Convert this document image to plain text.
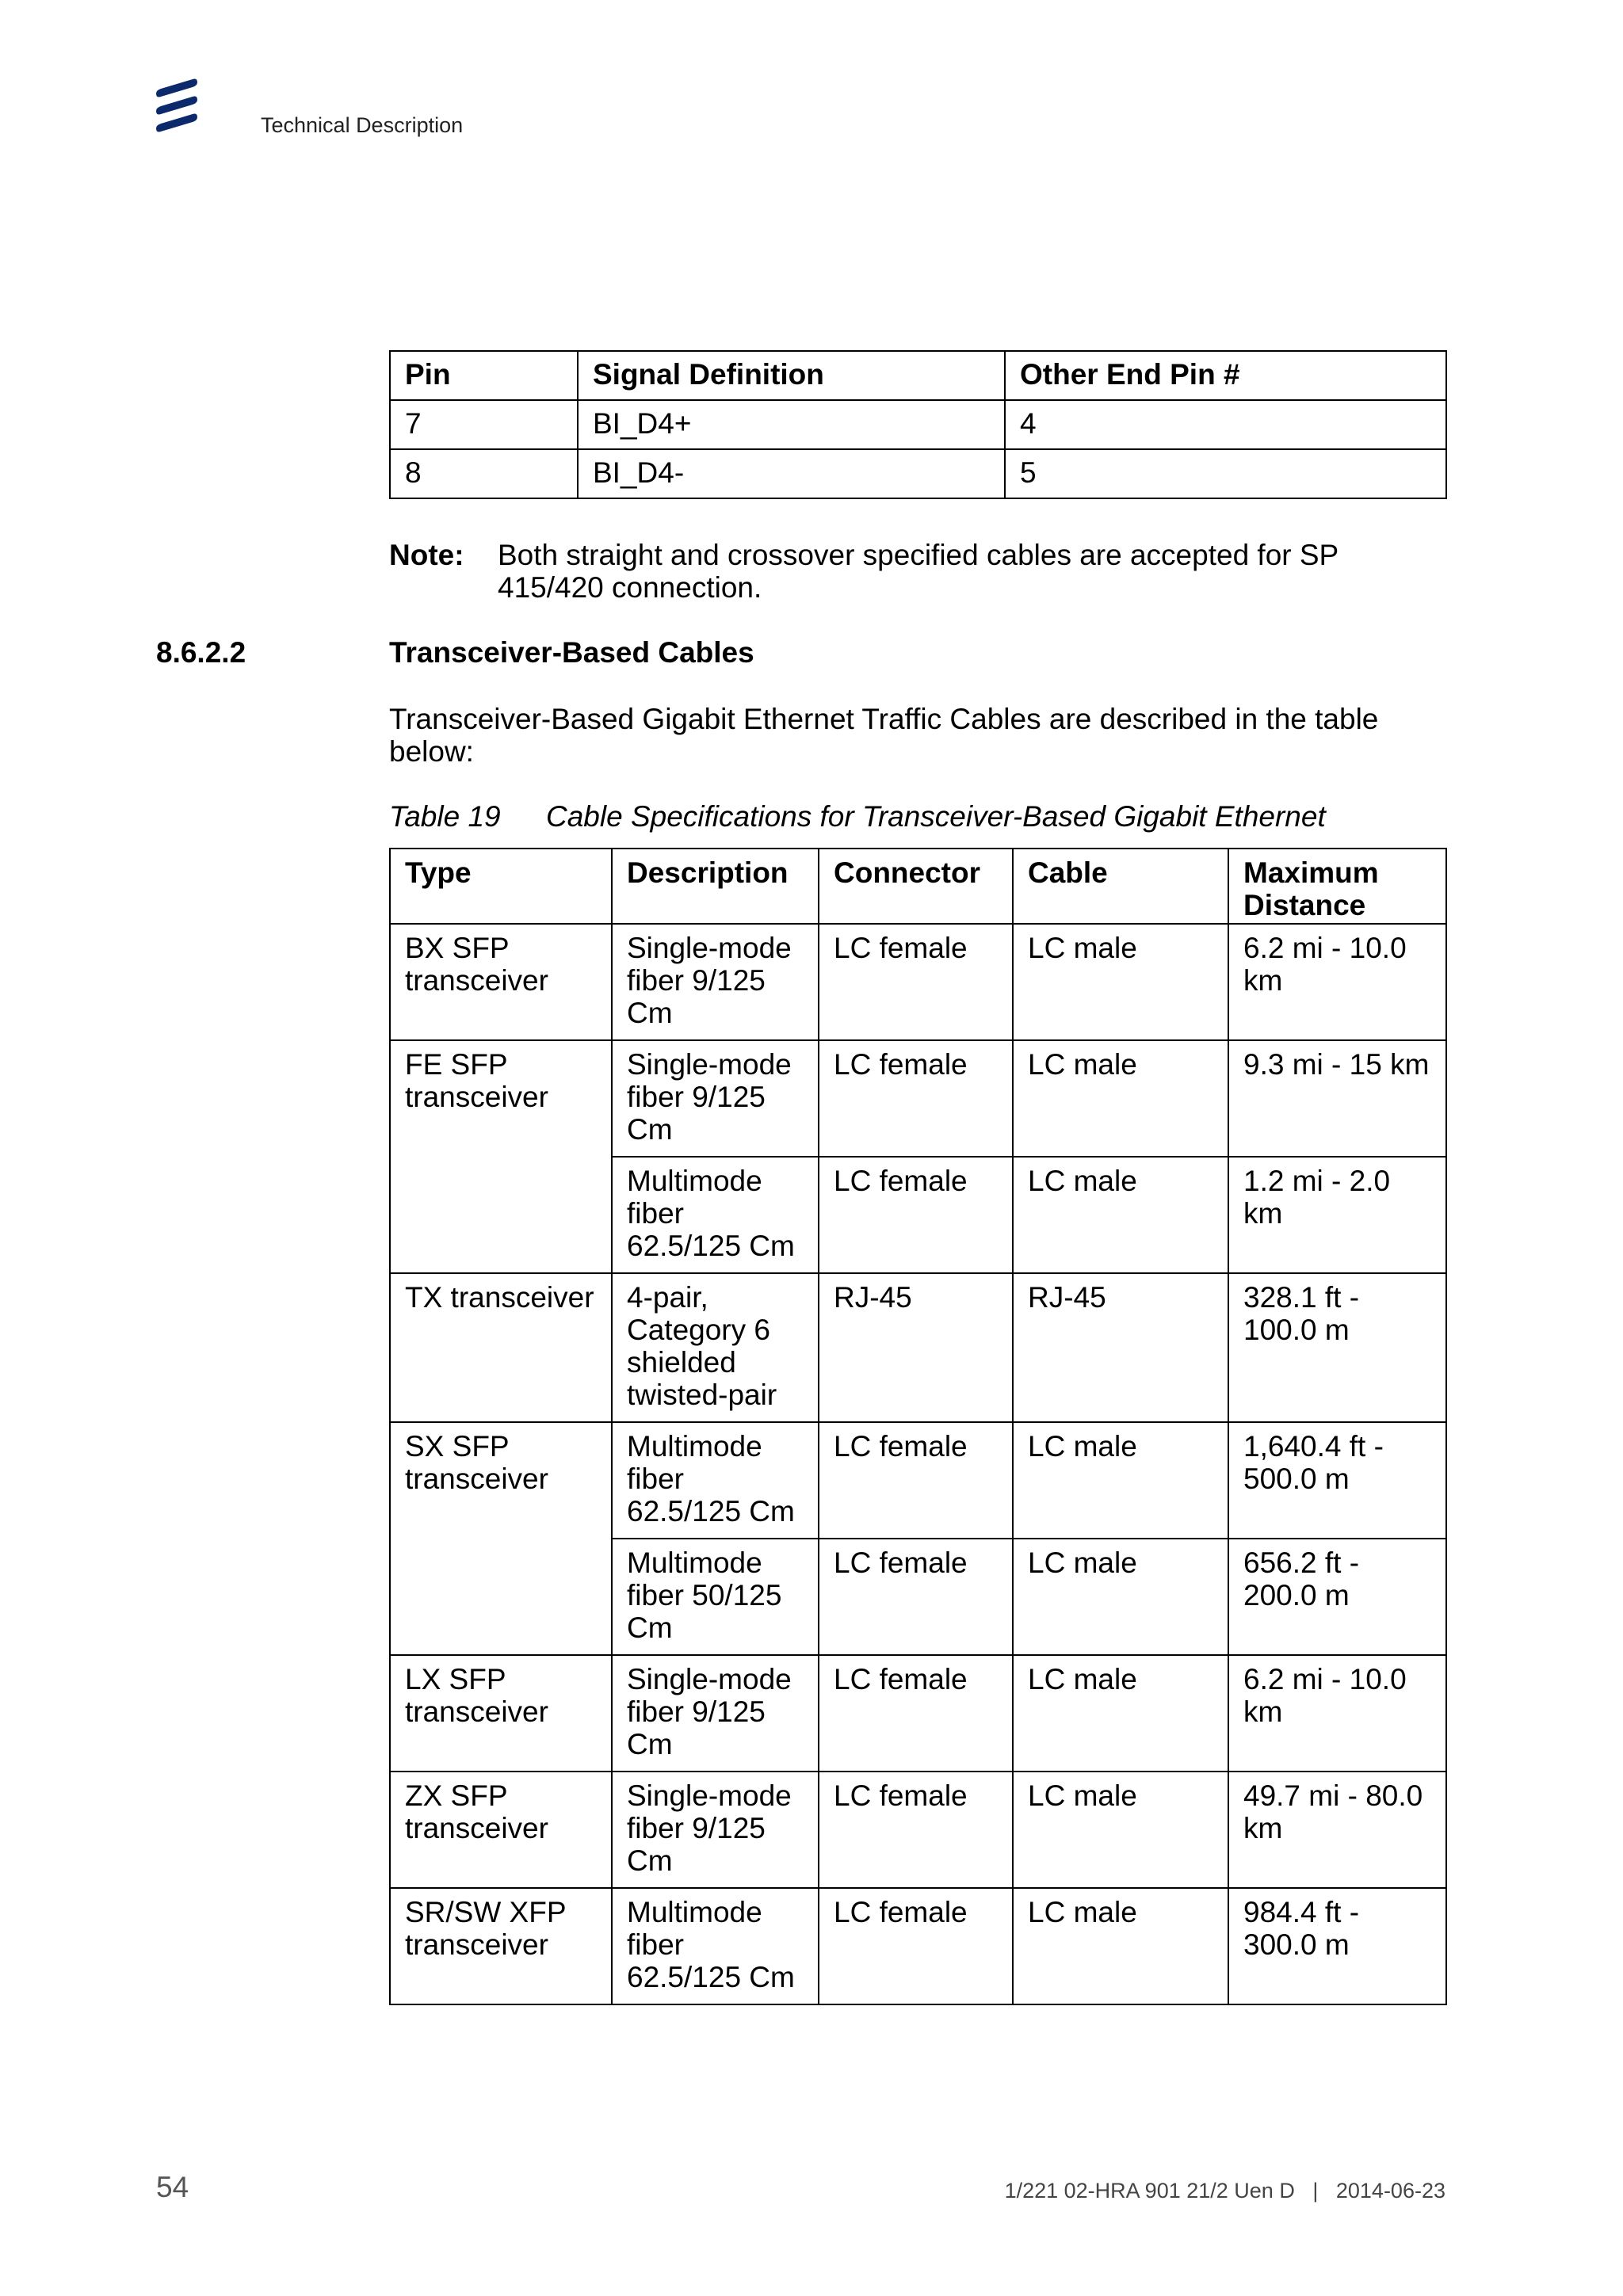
Technical Description
Pin	Signal Definition	Other End Pin #
7	BI_D4+	4
8	BI_D4-	5
Note: Both straight and crossover specified cables are accepted for SP 415/420 connection.
8.6.2.2	Transceiver-Based Cables
Transceiver-Based Gigabit Ethernet Traffic Cables are described in the table below:
Table 19 Cable Specifications for Transceiver-Based Gigabit Ethernet
Type	Description	Connector	Cable	Maximum Distance
BX SFP transceiver	Single-mode fiber 9/125 Cm	LC female	LC male	6.2 mi - 10.0 km
FE SFP transceiver	Single-mode fiber 9/125 Cm	LC female	LC male	9.3 mi - 15 km
	Multimode fiber 62.5/125 Cm	LC female	LC male	1.2 mi - 2.0 km
TX transceiver	4-pair, Category 6 shielded twisted-pair	RJ-45	RJ-45	328.1 ft - 100.0 m
SX SFP transceiver	Multimode fiber 62.5/125 Cm	LC female	LC male	1,640.4 ft - 500.0 m
	Multimode fiber 50/125 Cm	LC female	LC male	656.2 ft - 200.0 m
LX SFP transceiver	Single-mode fiber 9/125 Cm	LC female	LC male	6.2 mi - 10.0 km
ZX SFP transceiver	Single-mode fiber 9/125 Cm	LC female	LC male	49.7 mi - 80.0 km
SR/SW XFP transceiver	Multimode fiber 62.5/125 Cm	LC female	LC male	984.4 ft - 300.0 m
54	1/221 02-HRA 901 21/2 Uen D | 2014-06-23
